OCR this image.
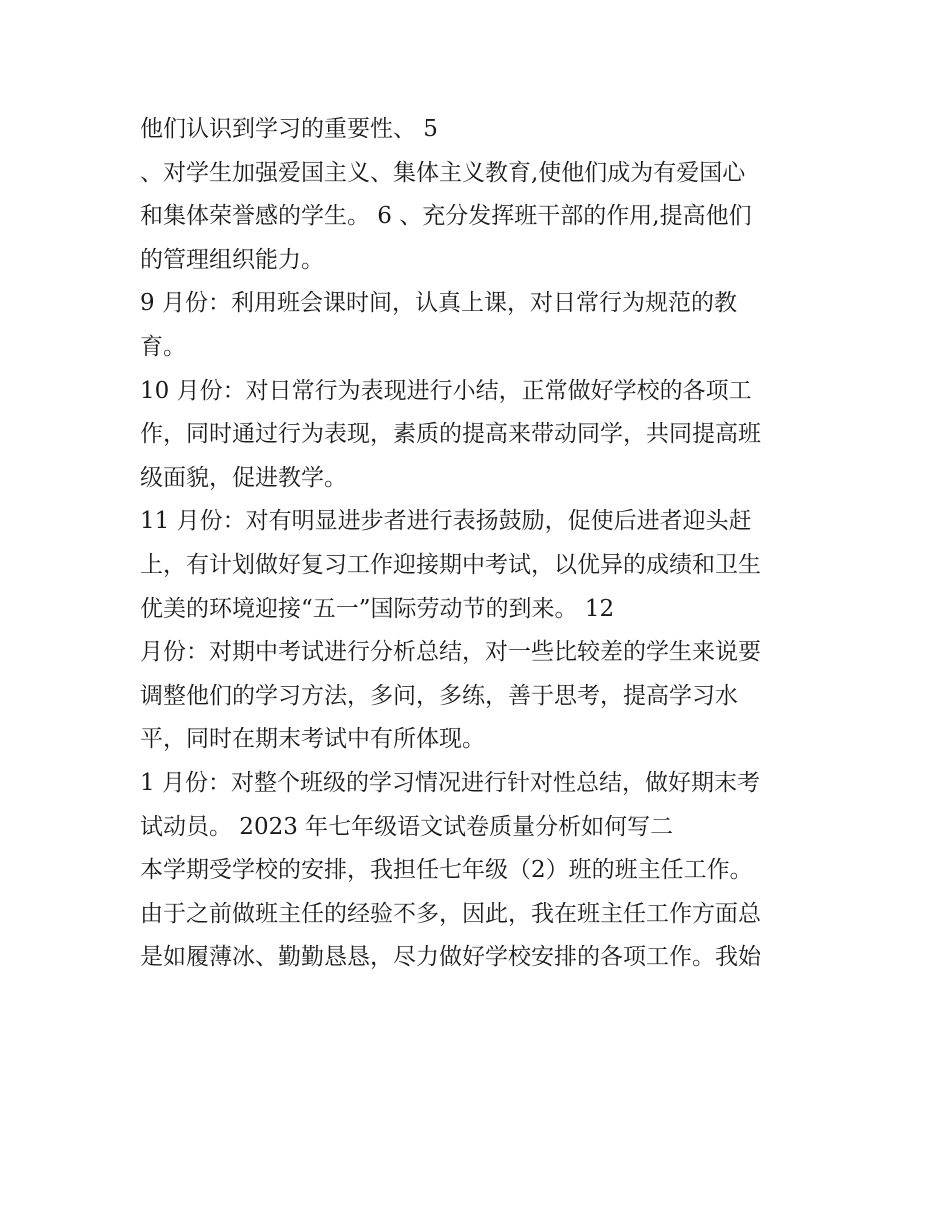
他们认识到学习的重要性、 5
、对学生加强爱国主义、集体主义教育,使他们成为有爱国心
和集体荣誉感的学生。 6 、充分发挥班干部的作用,提高他们
的管理组织能力。
9 月份：利用班会课时间，认真上课，对日常行为规范的教
育。
10 月份：对日常行为表现进行小结，正常做好学校的各项工
作，同时通过行为表现，素质的提高来带动同学，共同提高班
级面貌，促进教学。
11 月份：对有明显进步者进行表扬鼓励，促使后进者迎头赶
上，有计划做好复习工作迎接期中考试，以优异的成绩和卫生
优美的环境迎接“五一”国际劳动节的到来。 12
月份：对期中考试进行分析总结，对一些比较差的学生来说要
调整他们的学习方法，多问，多练，善于思考，提高学习水
平，同时在期末考试中有所体现。
1 月份：对整个班级的学习情况进行针对性总结，做好期末考
试动员。 2023 年七年级语文试卷质量分析如何写二
本学期受学校的安排，我担任七年级（2）班的班主任工作。
由于之前做班主任的经验不多，因此，我在班主任工作方面总
是如履薄冰、勤勤恳恳，尽力做好学校安排的各项工作。我始
